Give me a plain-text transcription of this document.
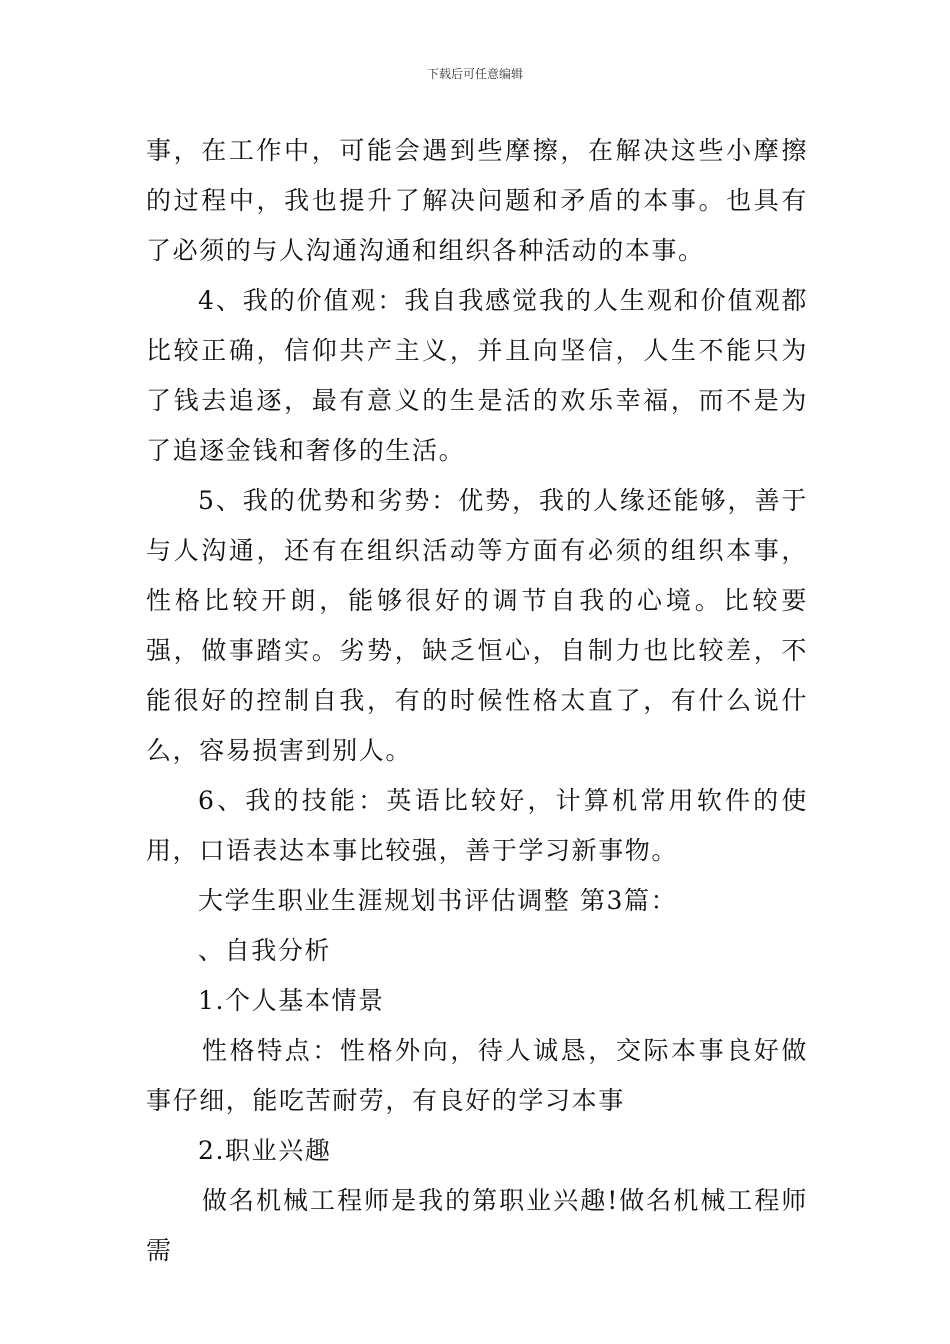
下载后可任意编辑

事，在工作中，可能会遇到些摩擦，在解决这些小摩擦的过程中，我也提升了解决问题和矛盾的本事。也具有了必须的与人沟通沟通和组织各种活动的本事。

4、我的价值观：我自我感觉我的人生观和价值观都比较正确，信仰共产主义，并且向坚信，人生不能只为了钱去追逐，最有意义的生是活的欢乐幸福，而不是为了追逐金钱和奢侈的生活。

5、我的优势和劣势：优势，我的人缘还能够，善于与人沟通，还有在组织活动等方面有必须的组织本事，性格比较开朗，能够很好的调节自我的心境。比较要强，做事踏实。劣势，缺乏恒心，自制力也比较差，不能很好的控制自我，有的时候性格太直了，有什么说什么，容易损害到别人。

6、我的技能：英语比较好，计算机常用软件的使用，口语表达本事比较强，善于学习新事物。

大学生职业生涯规划书评估调整 第3篇：

、自我分析

1.个人基本情景

性格特点：性格外向，待人诚恳，交际本事良好做事仔细，能吃苦耐劳，有良好的学习本事

2.职业兴趣

做名机械工程师是我的第职业兴趣!做名机械工程师需
